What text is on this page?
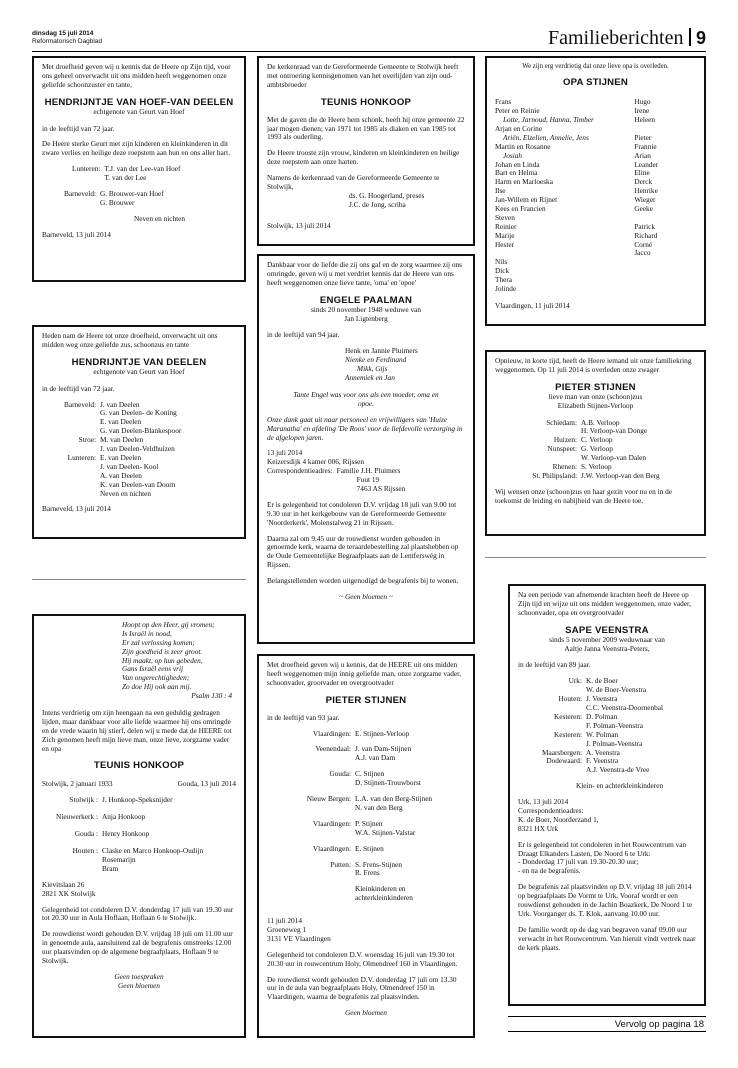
dinsdag 15 juli 2014
Reformatorisch Dagblad	Familieberichten 9

Met droefheid geven wij u kennis dat de Heere op Zijn tijd, voor ons geheel onverwacht uit ons midden heeft weggenomen onze geliefde schoonzuster en tante,

HENDRIJNTJE VAN HOEF-VAN DEELEN
echtgenote van Geurt van Hoef

in de leeftijd van 72 jaar.

De Heere sterke Geurt met zijn kinderen en kleinkinderen in dit zware verlies en heilige deze roepstem aan hun en ons aller hart.

Lunteren:	T.J. van der Lee-van Hoef
	T. van der Lee
Barneveld:	G. Brouwer-van Hoef
	G. Brouwer

Neven en nichten

Barneveld, 13 juli 2014

Heden nam de Heere tot onze droefheid, onverwacht uit ons midden weg onze geliefde zus, schoonzus en tante

HENDRIJNTJE VAN DEELEN
echtgenote van Geurt van Hoef

in de leeftijd van 72 jaar.

Barneveld:	J. van Deelen
	G. van Deelen- de Koning
	E. van Deelen
	G. van Deelen-Blankespoor
Stroe:	M. van Deelen
	J. van Deelen-Veldhuizen
Lunteren:	E. van Deelen
	J. van Deelen- Kool
	A. van Deelen
	K. van Deelen-van Doorn
	Neven en nichten

Barneveld, 13 juli 2014

Hoopt op den Heer, gij vromen;
Is Israël in nood,
Er zal verlossing komen;
Zijn goedheid is zeer groot.
Hij maakt, op hun gebeden,
Gans Israël eens vrij
Van ongerechtigheden;
Zo doe Hij ook aan mij.
Psalm 130 : 4

Intens verdrietig om zijn heengaan na een geduldig gedragen lijden, maar dankbaar voor alle liefde waarmee hij ons omringde en de vrede waarin hij stierf, delen wij u mede dat de HEERE tot Zich genomen heeft mijn lieve man, onze lieve, zorgzame vader en opa

TEUNIS HONKOOP
Stolwijk, 2 januari 1933	Gouda, 13 juli 2014
Stolwijk :	J. Honkoop-Speksnijder

Nieuwerkerk :	Anja Honkoop

Gouda :	Henry Honkoop

Houten :	Claske en Marco Honkoop-Oudijn
	Rosemarijn
	Bram

Kievitslaan 26
2821 XK Stolwijk

Gelegenheid tot condoleren D.V. donderdag 17 juli van 19.30 uur tot 20.30 uur in Aula Hoflaan, Hoflaan 6 te Stolwijk.

De rouwdienst wordt gehouden D.V. vrijdag 18 juli om 11.00 uur in genoemde aula, aansluitend zal de begrafenis omstreeks 12.00 uur plaatsvinden op de algemene begraafplaats, Hoflaan 9 te Stolwijk.

Geen toespraken
Geen bloemen

De kerkenraad van de Gereformeerde Gemeente te Stolwijk heeft met ontroering kennisgenomen van het overlijden van zijn oud-ambtsbroeder

TEUNIS HONKOOP

Met de gaven die de Heere hem schonk, heeft hij onze gemeente 22 jaar mogen dienen; van 1971 tot 1985 als diaken en van 1985 tot 1993 als ouderling.

De Heere trooste zijn vrouw, kinderen en kleinkinderen en heilige deze roepstem aan onze harten.

Namens de kerkenraad van de Gereformeerde Gemeente te Stolwijk,
ds. G. Hoogerland, preses

J.C. de Jong, scriba

Stolwijk, 13 juli 2014

Dankbaar voor de liefde die zij ons gaf en de zorg waarmee zij ons omringde, geven wij u met verdriet kennis dat de Heere van ons heeft weggenomen onze lieve tante, 'oma' en 'opoe'

ENGELE PAALMAN
sinds 20 november 1948 weduwe van
Jan Ligtenberg

in de leeftijd van 94 jaar.

Henk en Jannie Pluimers
Nienke en Ferdinand
Mikk, Gijs
Annemiek en Jan

Tante Engel was voor ons als een moeder, oma en opoe.

Onze dank gaat uit naar personeel en vrijwilligers van 'Huize Maranatha' en afdeling 'De Roos' voor de liefdevolle verzorging in de afgelopen jaren.

13 juli 2014
Keizersdijk 4 kamer 006, Rijssen
Correspondentieadres:	Familie J.H. Pluimers
	Fuut 19
	7463 AS Rijssen

Er is gelegenheid tot condoleren D.V. vrijdag 18 juli van 9.00 tot 9.30 uur in het kerkgebouw van de Gereformeerde Gemeente 'Noorderkerk', Molenstalweg 21 in Rijssen.

Daarna zal om 9.45 uur de rouwdienst worden gehouden in genoemde kerk, waarna de teraardebestelling zal plaatshebben op de Oude Gemeentelijke Begraafplaats aan de Lentferswég in Rijssen.

Belangstellenden worden uitgenodigd de begrafenis bij te wonen.

~ Geen bloemen ~

Met droefheid geven wij u kennis, dat de HEERE uit ons midden heeft weggenomen mijn innig geliefde man, onze zorgzame vader, schoonvader, grootvader en overgrootvader

PIETER STIJNEN

in de leeftijd van 93 jaar.

Vlaardingen:	E. Stijnen-Verloop

Veenendaal:	J. van Dam-Stijnen
	A.J. van Dam

Gouda:	C. Stijnen
	D. Stijnen-Trouwborst

Nieuw Bergen:	L.A. van den Berg-Stijnen
	N. van den Berg

Vlaardingen:	P. Stijnen
	W.A. Stijnen-Valstar

Vlaardingen:	E. Stijnen

Putten:	S. Frens-Stijnen
	R. Frens

	Kleinkinderen en
	achterkleinkinderen
11 juli 2014

Groeneweg 1
3131 VE Vlaardingen

Gelegenheid tot condoleren D.V. woensdag 16 juli van 19.30 tot 20.30 uur in rouwcentrum Holy, Olmendreef 160 in Vlaardingen.

De rouwdienst wordt gehouden D.V. donderdag 17 juli om 13.30 uur in de aula van begraafplaats Holy, Olmendreef 150 in Vlaardingen, waarna de begrafenis zal plaatsvinden.

Geen bloemen
We zijn erg verdrietig dat onze lieve opa is overleden.
OPA STIJNEN
Frans	Hugo
Peter en Reinie	Irene
Lotte, Jarnoud, Hanna, Timber	Heleen
Arjan en Corine
Ariën, Elzelien, Annelie, Jens	Pieter
Martin en Rosanne	Frannie
Josiah	Arian
Johan en Linda	Leander
Bart en Helma	Eline
Harm en Marloeska	Derck
Ilse	Henrike
Jan-Willem en Rijnet	Wieger
Kees en Francien	Geeke
Steven
Reinier	Patrick
Marije	Richard
Hester	Corné
Jacco
Nils
Dick
Thera
Jolinde
Vlaardingen, 11 juli 2014

Opnieuw, in korte tijd, heeft de Heere iemand uit onze familiekring weggenomen. Op 11 juli 2014 is overleden onze zwager

PIETER STIJNEN
lieve man van onze (schoon)zus
Elizabeth Stijnen-Verloop
Schiedam:	A.B. Verloop
	H. Verloop-van Donge
Huizen:	C. Verloop
Nunspeet:	G. Verloop
	W. Verloop-van Dalen
Rhenen:	S. Verloop
St. Philipsland:	J.W. Verloop-van den Berg

Wij wensen onze (schoon)zus en haar gezin voor nu en in de toekomst de leiding en nabijheid van de Heere toe.

Na een periode van afnemende krachten heeft de Heere op Zijn tijd en wijze uit ons midden weggenomen, onze vader, schoonvader, opa en overgrootvader

SAPE VEENSTRA
sinds 5 november 2009 weduwnaar van
Aaltje Janna Veenstra-Peters,

in de leeftijd van 89 jaar.

Urk:	K. de Boer
	W. de Boer-Veenstra
Houten:	J. Veenstra
	C.C. Veenstra-Doornenbal
Kesteren:	D. Polman
	F. Polman-Veenstra
Kesteren:	W. Polman
	J. Polman-Veenstra
Maarsbergen:	A. Veenstra
Dodewaard:	F. Veenstra
	A.J. Veenstra-de Vree

Klein- en achterkleinkinderen

Urk, 13 juli 2014
Correspondentieadres:
K. de Boer, Noorderzand 1,

8321 HX Urk

Er is gelegenheid tot condoleren in het Rouwcentrum van Draagt Elkanders Lasten, De Noord 6 te Urk:
- Donderdag 17 juli van 19.30-20.30 uur;

- en na de begrafenis.

De begrafenis zal plaatsvinden op D.V. vrijdag 18 juli 2014 op begraafplaats De Vormt te Urk. Vooraf wordt er een rouwdienst gehouden in de Jachin Boazkerk, De Noord 1 te Urk. Voorganger ds. T. Klok, aanvang 10.00 uur.

De familie wordt op de dag van begraven vanaf 09.00 uur verwacht in het Rouwcentrum. Van hieruit vindt vertrek naar de kerk plaats.

Vervolg op pagina 18
